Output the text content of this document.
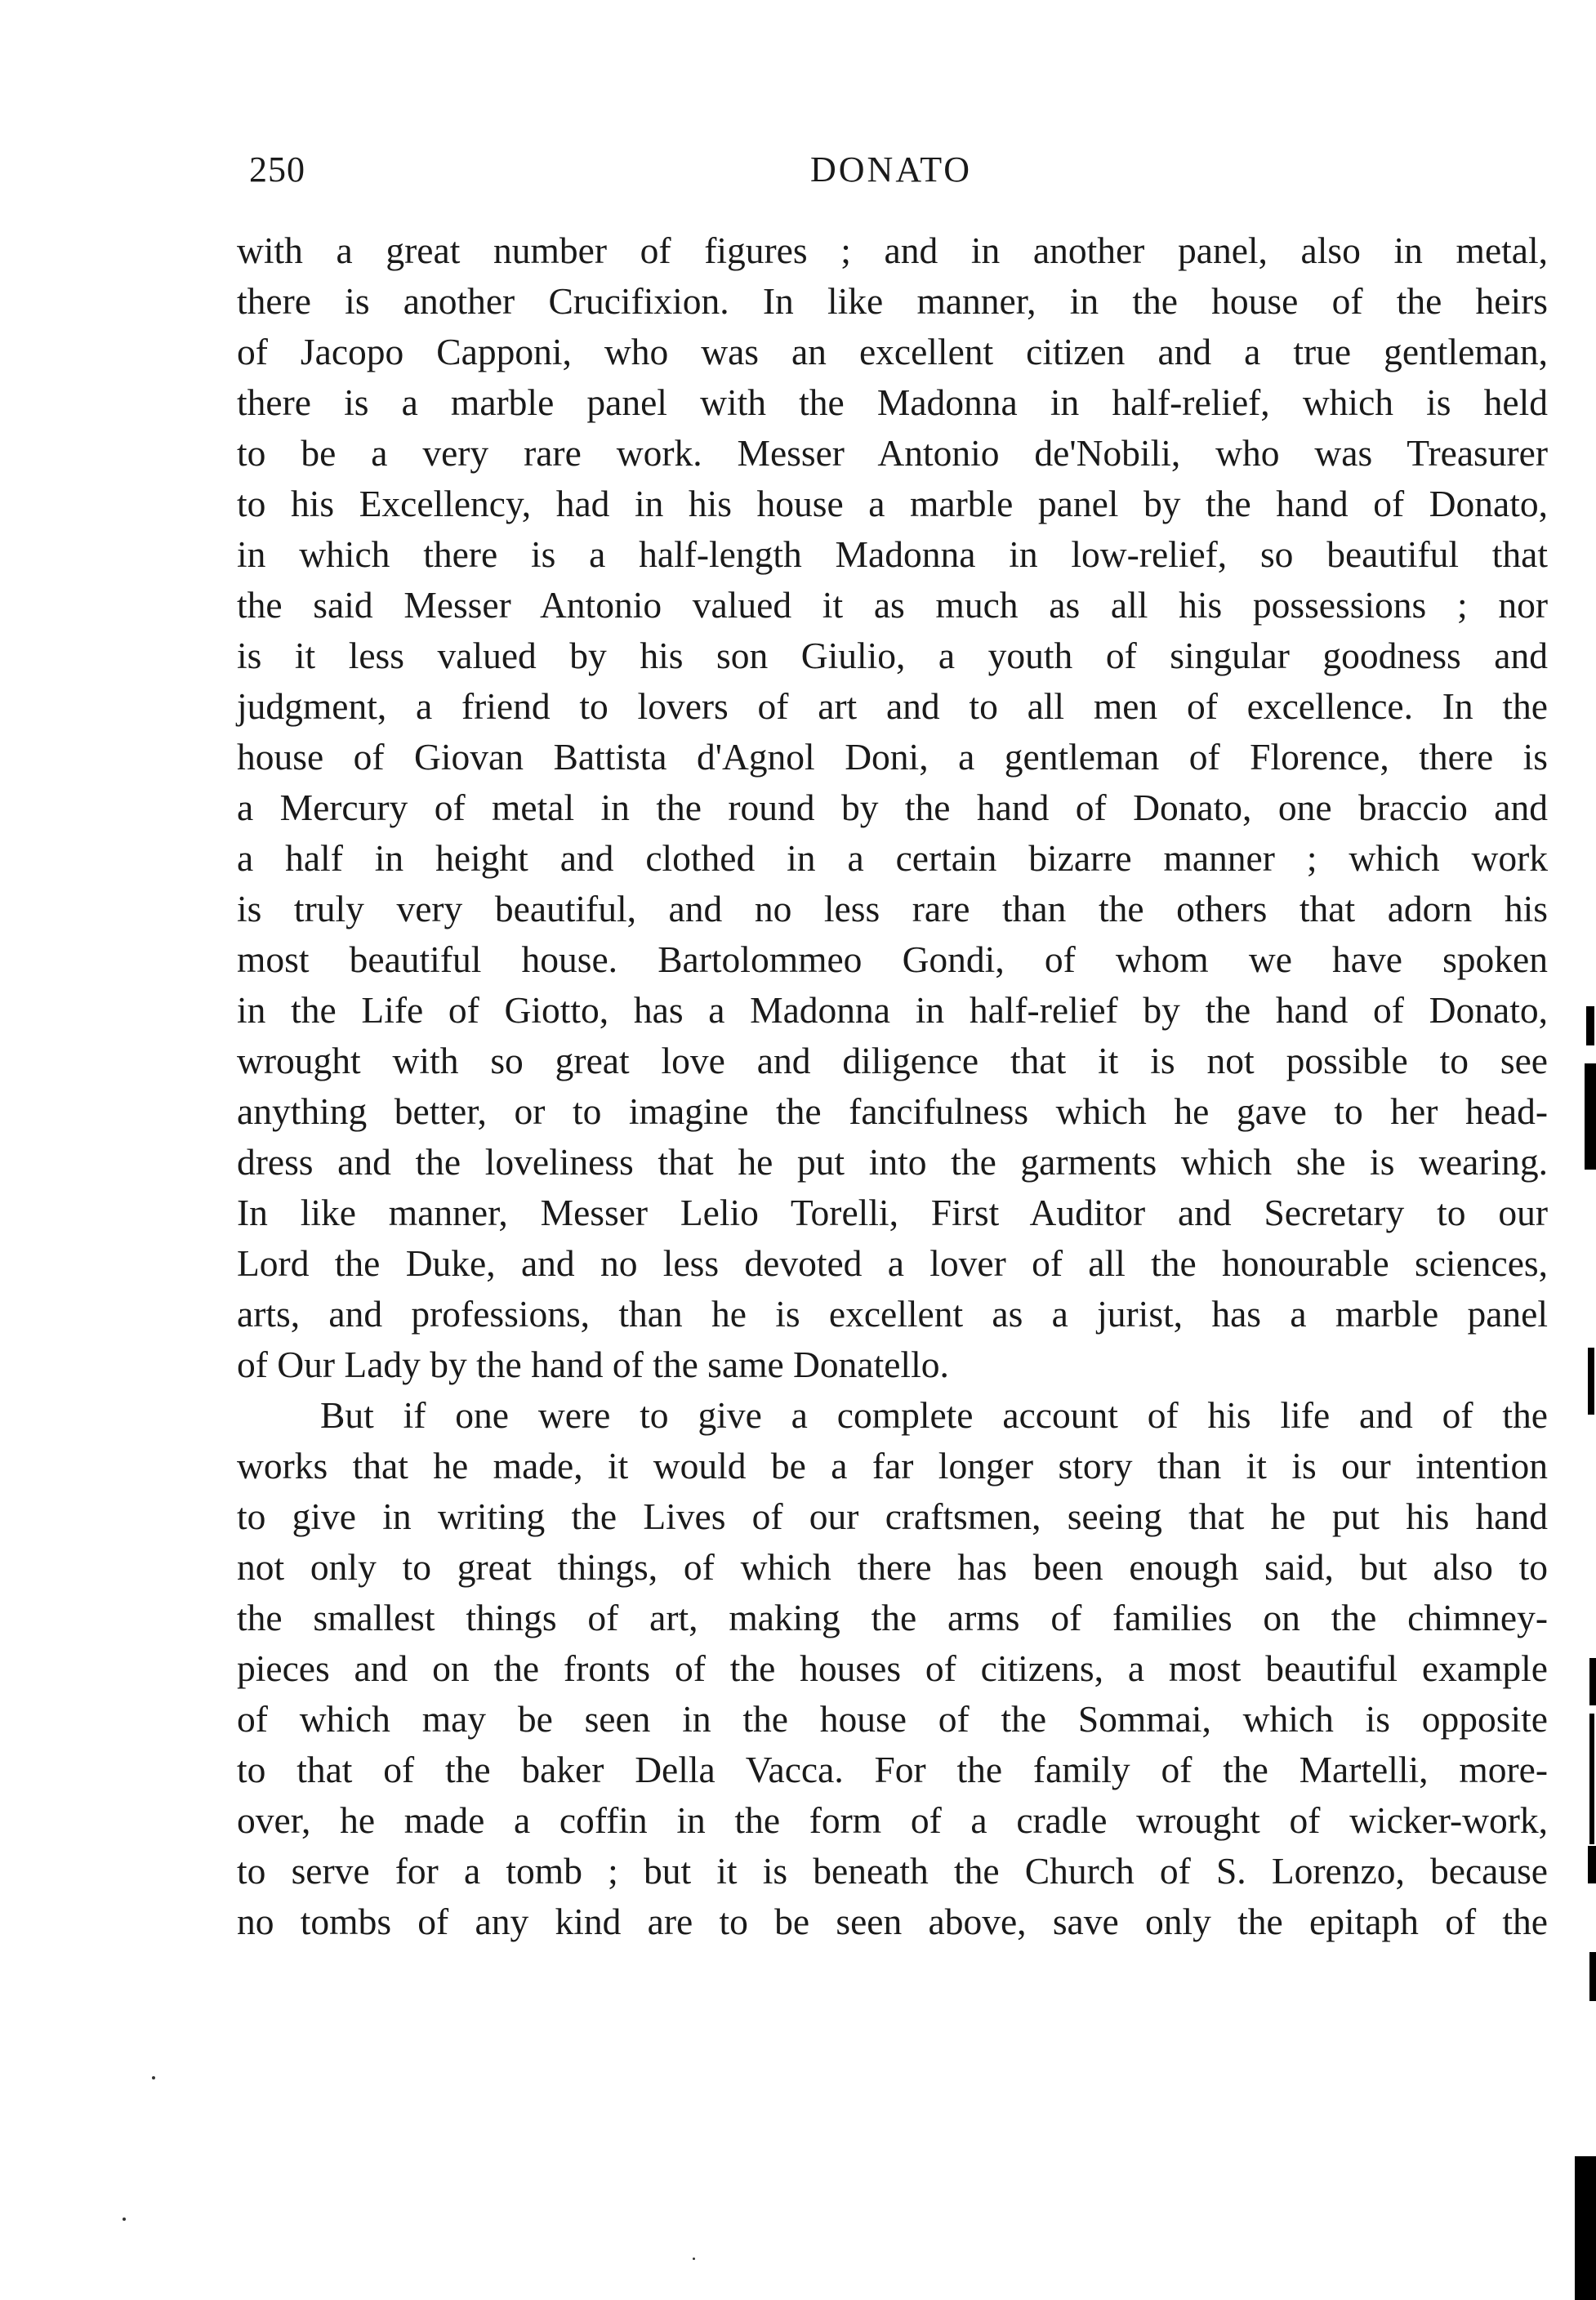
250	DONATO
with a great number of figures ; and in another panel, also in metal,
there is another Crucifixion. In like manner, in the house of the heirs
of Jacopo Capponi, who was an excellent citizen and a true gentleman,
there is a marble panel with the Madonna in half-relief, which is held
to be a very rare work. Messer Antonio de'Nobili, who was Treasurer
to his Excellency, had in his house a marble panel by the hand of Donato,
in which there is a half-length Madonna in low-relief, so beautiful that
the said Messer Antonio valued it as much as all his possessions ; nor
is it less valued by his son Giulio, a youth of singular goodness and
judgment, a friend to lovers of art and to all men of excellence. In the
house of Giovan Battista d'Agnol Doni, a gentleman of Florence, there is
a Mercury of metal in the round by the hand of Donato, one braccio and
a half in height and clothed in a certain bizarre manner ; which work
is truly very beautiful, and no less rare than the others that adorn his
most beautiful house. Bartolommeo Gondi, of whom we have spoken
in the Life of Giotto, has a Madonna in half-relief by the hand of Donato,
wrought with so great love and diligence that it is not possible to see
anything better, or to imagine the fancifulness which he gave to her head-
dress and the loveliness that he put into the garments which she is wearing.
In like manner, Messer Lelio Torelli, First Auditor and Secretary to our
Lord the Duke, and no less devoted a lover of all the honourable sciences,
arts, and professions, than he is excellent as a jurist, has a marble panel
of Our Lady by the hand of the same Donatello.
But if one were to give a complete account of his life and of the
works that he made, it would be a far longer story than it is our intention
to give in writing the Lives of our craftsmen, seeing that he put his hand
not only to great things, of which there has been enough said, but also to
the smallest things of art, making the arms of families on the chimney-
pieces and on the fronts of the houses of citizens, a most beautiful example
of which may be seen in the house of the Sommai, which is opposite
to that of the baker Della Vacca. For the family of the Martelli, more-
over, he made a coffin in the form of a cradle wrought of wicker-work,
to serve for a tomb ; but it is beneath the Church of S. Lorenzo, because
no tombs of any kind are to be seen above, save only the epitaph of the
